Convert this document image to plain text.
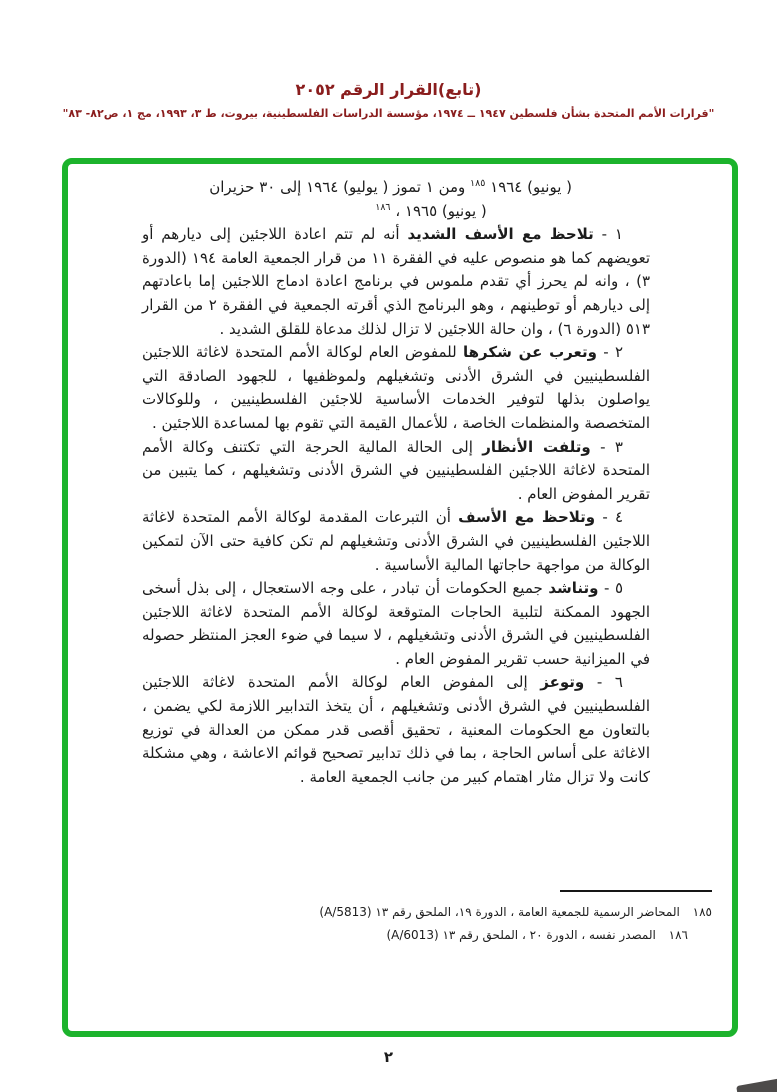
(تابع)القرار الرقم ٢٠٥٢
"قرارات الأمم المتحدة بشأن فلسطين ١٩٤٧ ــ ١٩٧٤، مؤسسة الدراسات الفلسطينية، بيروت، ط ٣، ١٩٩٣، مج ١، ص٨٢- ٨٣"
( يونيو) ١٩٦٤ $^{١٨٥}$ ومن ١ تموز ( يوليو) ١٩٦٤ إلى ٣٠ حزيران
( يونيو) ١٩٦٥ ، $^{١٨٦}$

١ - تلاحظ مع الأسف الشديد أنه لم تتم اعادة اللاجئين إلى ديارهم أو تعويضهم كما هو منصوص عليه في الفقرة ١١ من قرار الجمعية العامة ١٩٤ (الدورة ٣) ، وانه لم يحرز أي تقدم ملموس في برنامج اعادة ادماج اللاجئين إما باعادتهم إلى ديارهم أو توطينهم ، وهو البرنامج الذي أقرته الجمعية في الفقرة ٢ من القرار ٥١٣ (الدورة ٦) ، وان حالة اللاجئين لا تزال لذلك مدعاة للقلق الشديد .

٢ - وتعرب عن شكرها للمفوض العام لوكالة الأمم المتحدة لاغاثة اللاجئين الفلسطينيين في الشرق الأدنى وتشغيلهم ولموظفيها ، للجهود الصادقة التي يواصلون بذلها لتوفير الخدمات الأساسية للاجئين الفلسطينيين ، وللوكالات المتخصصة والمنظمات الخاصة ، للأعمال القيمة التي تقوم بها لمساعدة اللاجئين .

٣ - وتلفت الأنظار إلى الحالة المالية الحرجة التي تكتنف وكالة الأمم المتحدة لاغاثة اللاجئين الفلسطينيين في الشرق الأدنى وتشغيلهم ، كما يتبين من تقرير المفوض العام .

٤ - وتلاحظ مع الأسف أن التبرعات المقدمة لوكالة الأمم المتحدة لاغاثة اللاجئين الفلسطينيين في الشرق الأدنى وتشغيلهم لم تكن كافية حتى الآن لتمكين الوكالة من مواجهة حاجاتها المالية الأساسية .

٥ - وتناشد جميع الحكومات أن تبادر ، على وجه الاستعجال ، إلى بذل أسخى الجهود الممكنة لتلبية الحاجات المتوقعة لوكالة الأمم المتحدة لاغاثة اللاجئين الفلسطينيين في الشرق الأدنى وتشغيلهم ، لا سيما في ضوء العجز المنتظر حصوله في الميزانية حسب تقرير المفوض العام .

٦ - وتوعز إلى المفوض العام لوكالة الأمم المتحدة لاغاثة اللاجئين الفلسطينيين في الشرق الأدنى وتشغيلهم ، أن يتخذ التدابير اللازمة لكي يضمن ، بالتعاون مع الحكومات المعنية ، تحقيق أقصى قدر ممكن من العدالة في توزيع الاغاثة على أساس الحاجة ، بما في ذلك تدابير تصحيح قوائم الاعاشة ، وهي مشكلة كانت ولا تزال مثار اهتمام كبير من جانب الجمعية العامة .

١٨٥ المحاضر الرسمية للجمعية العامة ، الدورة ١٩، الملحق رقم ١٣ (A/5813)
١٨٦ المصدر نفسه ، الدورة ٢٠ ، الملحق رقم ١٣ (A/6013)
٢
